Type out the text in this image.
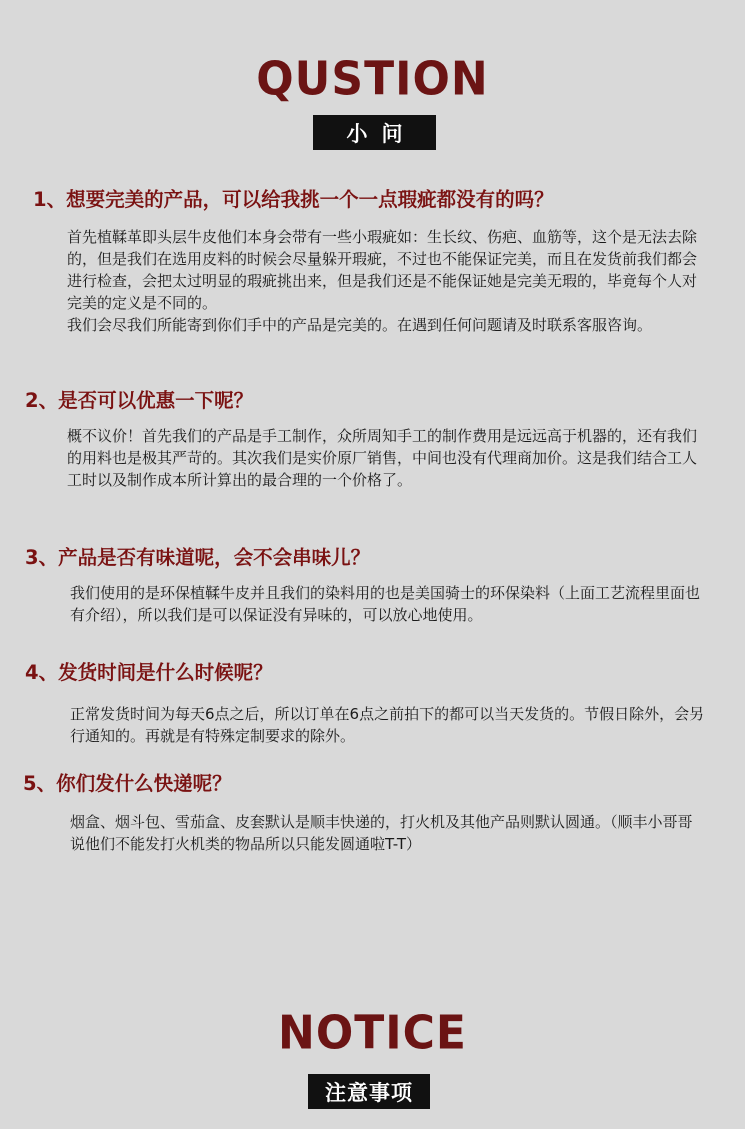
QUSTION
小问
1、想要完美的产品，可以给我挑一个一点瑕疵都没有的吗？

首先植鞣革即头层牛皮他们本身会带有一些小瑕疵如：生长纹、伤疤、血筋等，这个是无法去除的，但是我们在选用皮料的时候会尽量躲开瑕疵，不过也不能保证完美，而且在发货前我们都会进行检查，会把太过明显的瑕疵挑出来，但是我们还是不能保证她是完美无瑕的，毕竟每个人对完美的定义是不同的。

我们会尽我们所能寄到你们手中的产品是完美的。在遇到任何问题请及时联系客服咨询。

2、是否可以优惠一下呢？

概不议价！首先我们的产品是手工制作，众所周知手工的制作费用是远远高于机器的，还有我们的用料也是极其严苛的。其次我们是实价原厂销售，中间也没有代理商加价。这是我们结合工人工时以及制作成本所计算出的最合理的一个价格了。

3、产品是否有味道呢，会不会串味儿？

我们使用的是环保植鞣牛皮并且我们的染料用的也是美国骑士的环保染料（上面工艺流程里面也有介绍），所以我们是可以保证没有异味的，可以放心地使用。

4、发货时间是什么时候呢？

正常发货时间为每天6点之后，所以订单在6点之前拍下的都可以当天发货的。节假日除外，会另行通知的。再就是有特殊定制要求的除外。

5、你们发什么快递呢？

烟盒、烟斗包、雪茄盒、皮套默认是顺丰快递的，打火机及其他产品则默认圆通。（顺丰小哥哥说他们不能发打火机类的物品所以只能发圆通啦T-T）

NOTICE
注意事项
